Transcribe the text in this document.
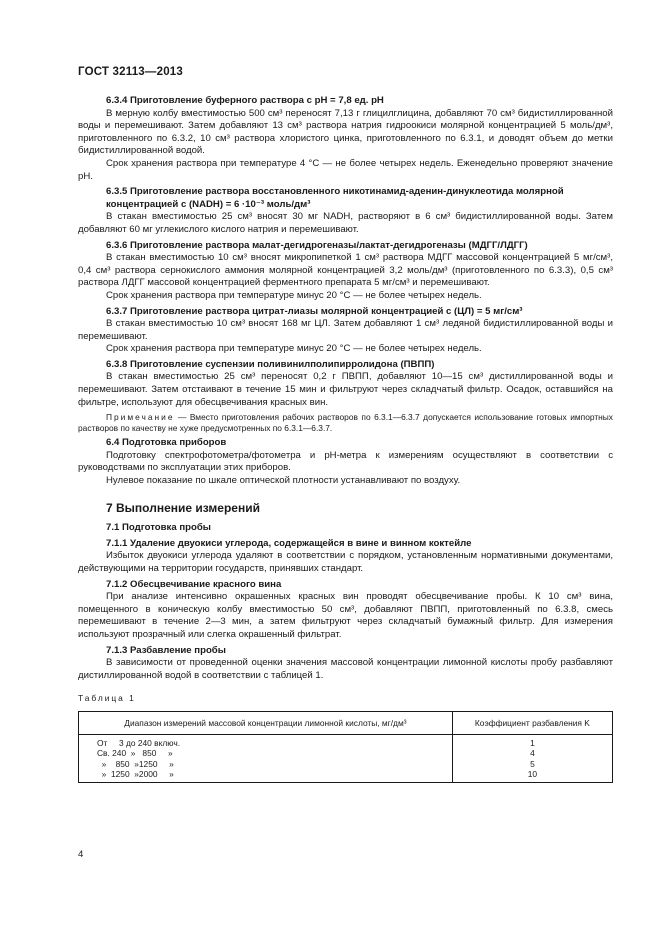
ГОСТ 32113—2013
6.3.4 Приготовление буферного раствора с pH = 7,8 ед. рН
В мерную колбу вместимостью 500 см³ переносят 7,13 г глицилглицина, добавляют 70 см³ бидистиллированной воды и перемешивают. Затем добавляют 13 см³ раствора натрия гидроокиси молярной концентрацией 5 моль/дм³, приготовленного по 6.3.2, 10 см³ раствора хлористого цинка, приготовленного по 6.3.1, и доводят объем до метки бидистиллированной водой.
Срок хранения раствора при температуре 4 °С — не более четырех недель. Еженедельно проверяют значение рН.
6.3.5 Приготовление раствора восстановленного никотинамид-аденин-динуклеотида молярной концентрацией с (NADH) = 6 ·10⁻³ моль/дм³
В стакан вместимостью 25 см³ вносят 30 мг NADH, растворяют в 6 см³ бидистиллированной воды. Затем добавляют 60 мг углекислого кислого натрия и перемешивают.
6.3.6 Приготовление раствора малат-дегидрогеназы/лактат-дегидрогеназы (МДГГ/ЛДГГ)
В стакан вместимостью 10 см³ вносят микропипеткой 1 см³ раствора МДГГ массовой концентрацией 5 мг/см³, 0,4 см³ раствора сернокислого аммония молярной концентрацией 3,2 моль/дм³ (приготовленного по 6.3.3), 0,5 см³ раствора ЛДГГ массовой концентрацией ферментного препарата 5 мг/см³ и перемешивают.
Срок хранения раствора при температуре минус 20 °С — не более четырех недель.
6.3.7 Приготовление раствора цитрат-лиазы молярной концентрацией с (ЦЛ) = 5 мг/см³
В стакан вместимостью 10 см³ вносят 168 мг ЦЛ. Затем добавляют 1 см³ ледяной бидистиллированной воды и перемешивают.
Срок хранения раствора при температуре минус 20 °С — не более четырех недель.
6.3.8 Приготовление суспензии поливинилполипирролидона (ПВПП)
В стакан вместимостью 25 см³ переносят 0,2 г ПВПП, добавляют 10—15 см³ дистиллированной воды и перемешивают. Затем отстаивают в течение 15 мин и фильтруют через складчатый фильтр. Осадок, оставшийся на фильтре, используют для обесцвечивания красных вин.
Примечание — Вместо приготовления рабочих растворов по 6.3.1—6.3.7 допускается использование готовых импортных растворов по качеству не хуже предусмотренных по 6.3.1—6.3.7.
6.4 Подготовка приборов
Подготовку спектрофотометра/фотометра и рН-метра к измерениям осуществляют в соответствии с руководствами по эксплуатации этих приборов.
Нулевое показание по шкале оптической плотности устанавливают по воздуху.
7 Выполнение измерений
7.1 Подготовка пробы
7.1.1 Удаление двуокиси углерода, содержащейся в вине и винном коктейле
Избыток двуокиси углерода удаляют в соответствии с порядком, установленным нормативными документами, действующими на территории государств, принявших стандарт.
7.1.2 Обесцвечивание красного вина
При анализе интенсивно окрашенных красных вин проводят обесцвечивание пробы. К 10 см³ вина, помещенного в коническую колбу вместимостью 50 см³, добавляют ПВПП, приготовленный по 6.3.8, смесь перемешивают в течение 2—3 мин, а затем фильтруют через складчатый бумажный фильтр. Для измерения используют прозрачный или слегка окрашенный фильтрат.
7.1.3 Разбавление пробы
В зависимости от проведенной оценки значения массовой концентрации лимонной кислоты пробу разбавляют дистиллированной водой в соответствии с таблицей 1.
Таблица 1
Диапазон измерений массовой концентрации лимонной кислоты, мг/дм³	Коэффициент разбавления K
От     3 до 240 включ.	1
Св. 240  »   850     »	4
»    850  »1250     »	5
»  1250  »2000     »	10
4
